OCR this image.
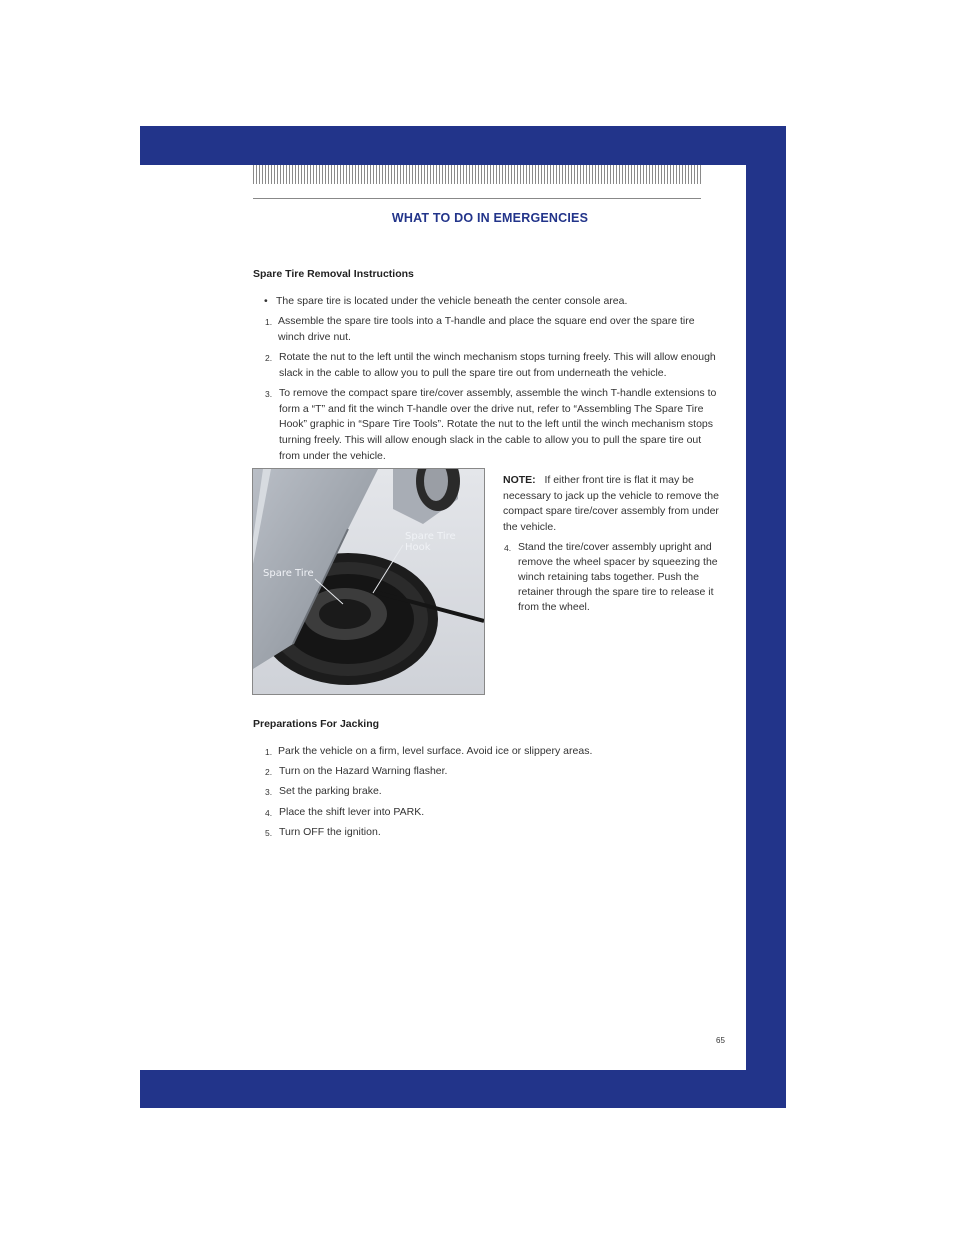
WHAT TO DO IN EMERGENCIES
Spare Tire Removal Instructions
• The spare tire is located under the vehicle beneath the center console area.
1. Assemble the spare tire tools into a T-handle and place the square end over the spare tire
winch drive nut.
2. Rotate the nut to the left until the winch mechanism stops turning freely. This will allow enough
slack in the cable to allow you to pull the spare tire out from underneath the vehicle.
3. To remove the compact spare tire/cover assembly, assemble the winch T-handle extensions to
form a “T” and fit the winch T-handle over the drive nut, refer to “Assembling The Spare Tire
Hook” graphic in “Spare Tire Tools”. Rotate the nut to the left until the winch mechanism stops
turning freely. This will allow enough slack in the cable to allow you to pull the spare tire out
from under the vehicle.
Spare Tire
Hook
Spare Tire
NOTE: If either front tire is flat it may be
necessary to jack up the vehicle to remove the
compact spare tire/cover assembly from under
the vehicle.
4. Stand the tire/cover assembly upright and
remove the wheel spacer by squeezing the
winch retaining tabs together. Push the
retainer through the spare tire to release it
from the wheel.
Preparations For Jacking
1. Park the vehicle on a firm, level surface. Avoid ice or slippery areas.
2. Turn on the Hazard Warning flasher.
3. Set the parking brake.
4. Place the shift lever into PARK.
5. Turn OFF the ignition.
65
